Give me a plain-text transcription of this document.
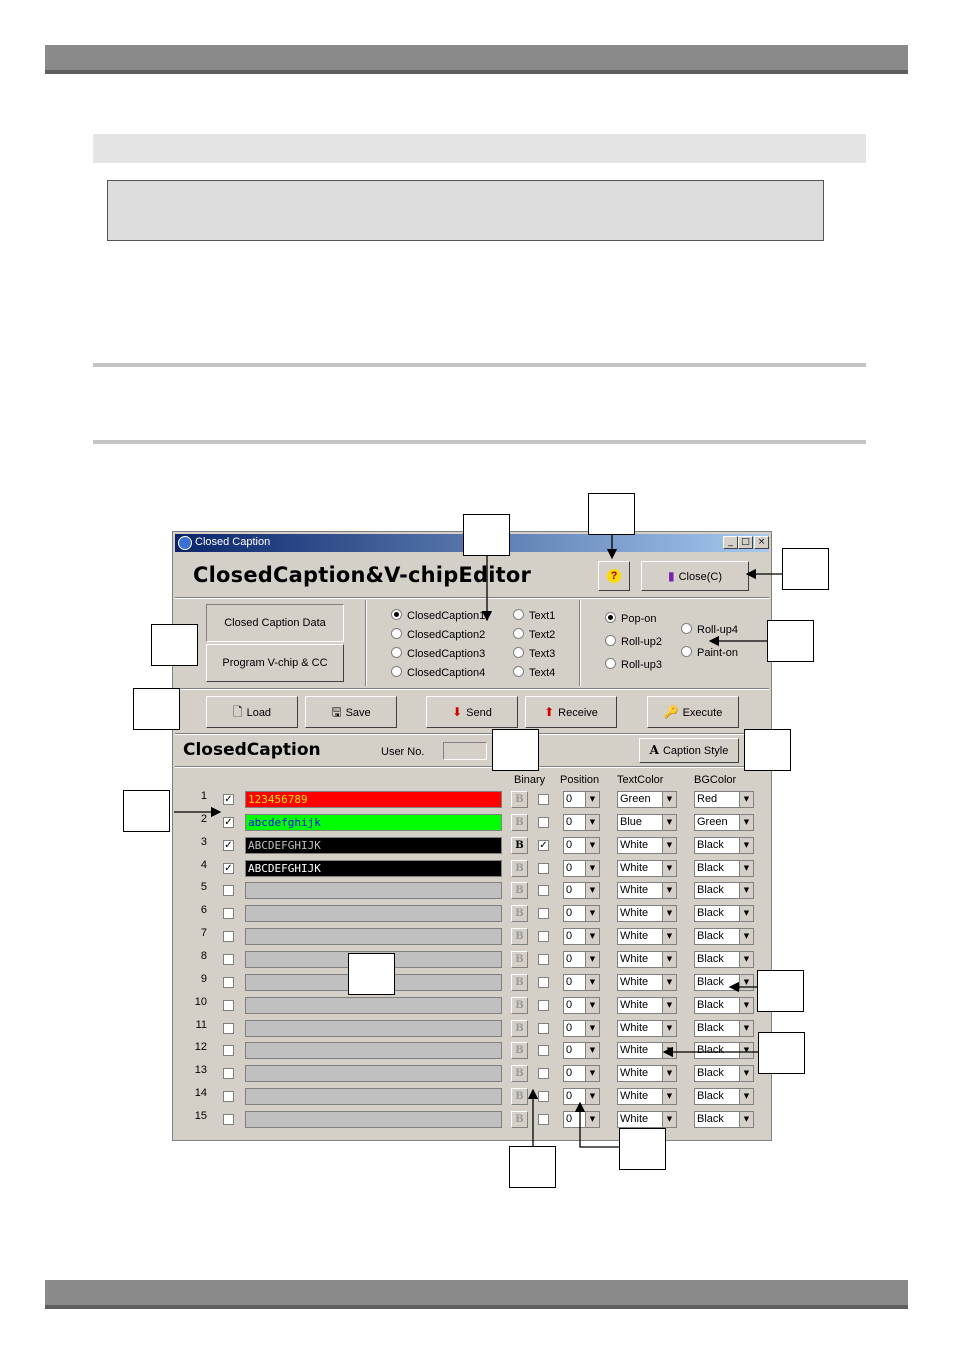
Closed Caption	_ □ ×
ClosedCaption&V-chipEditor	?	▮ Close(C)
Closed Caption Data
Program V-chip & CC
ClosedCaption1
ClosedCaption2
ClosedCaption3
ClosedCaption4
Text1
Text2
Text3
Text4
Pop-on
Roll-up2
Roll-up3
Roll-up4
Paint-on
🗋 Load	🖫 Save	⬇ Send	⬆ Receive	🔑 Execute
ClosedCaption	User No.	A Caption Style
Binary Position TextColor	BGColor
1 ✓ 123456789	B	0	▼	Green	▼	Red	▼
2 ✓ abcdefghijk	B	0	▼	Blue	▼	Green	▼
3 ✓ ABCDEFGHIJK	B	✓ 0	▼	White	▼	Black	▼
4 ✓ ABCDEFGHIJK	B	0	▼	White	▼	Black	▼
5	B	0	▼	White	▼	Black	▼
6	B	0	▼	White	▼	Black	▼
7	B	0	▼	White	▼	Black	▼
8	B	0	▼	White	▼	Black	▼
9	B	0	▼	White	▼	Black	▼
10	B	0	▼	White	▼	Black	▼
11	B	0	▼	White	▼	Black	▼
12	B	0	▼	White	▼	Black	▼
13	B	0	▼	White	▼	Black	▼
14	B	0	▼	White	▼	Black	▼
15	B	0	▼	White	▼	Black	▼
